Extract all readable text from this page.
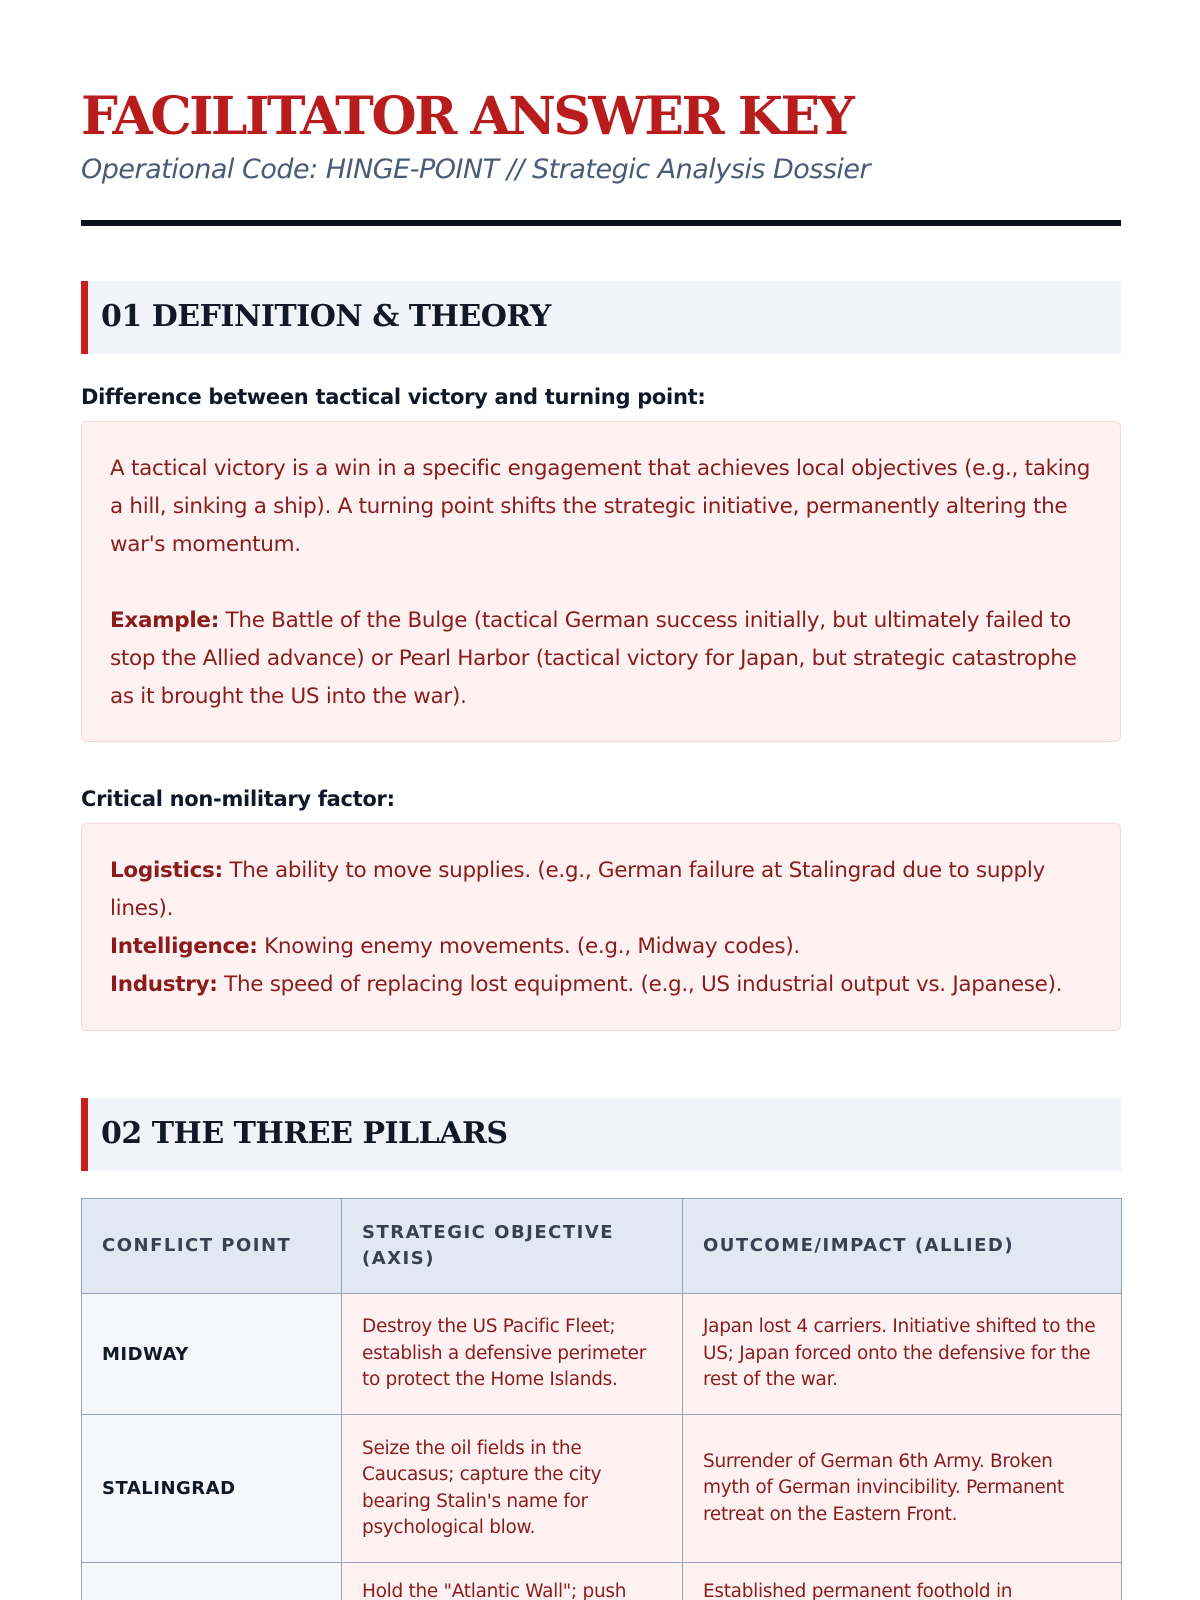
FACILITATOR ANSWER KEY
Operational Code: HINGE-POINT // Strategic Analysis Dossier
01 DEFINITION & THEORY
Difference between tactical victory and turning point:

A tactical victory is a win in a specific engagement that achieves local objectives (e.g., taking a hill, sinking a ship). A turning point shifts the strategic initiative, permanently altering the war's momentum.

Example: The Battle of the Bulge (tactical German success initially, but ultimately failed to stop the Allied advance) or Pearl Harbor (tactical victory for Japan, but strategic catastrophe as it brought the US into the war).

Critical non-military factor:

Logistics: The ability to move supplies. (e.g., German failure at Stalingrad due to supply lines).

Intelligence: Knowing enemy movements. (e.g., Midway codes).

Industry: The speed of replacing lost equipment. (e.g., US industrial output vs. Japanese).

02 THE THREE PILLARS
CONFLICT POINT	STRATEGIC OBJECTIVE (AXIS)	OUTCOME/IMPACT (ALLIED)
MIDWAY	Destroy the US Pacific Fleet; establish a defensive perimeter to protect the Home Islands.	Japan lost 4 carriers. Initiative shifted to the US; Japan forced onto the defensive for the rest of the war.
STALINGRAD	Seize the oil fields in the Caucasus; capture the city bearing Stalin's name for psychological blow.	Surrender of German 6th Army. Broken myth of German invincibility. Permanent retreat on the Eastern Front.
	Hold the "Atlantic Wall"; push	Established permanent foothold in
